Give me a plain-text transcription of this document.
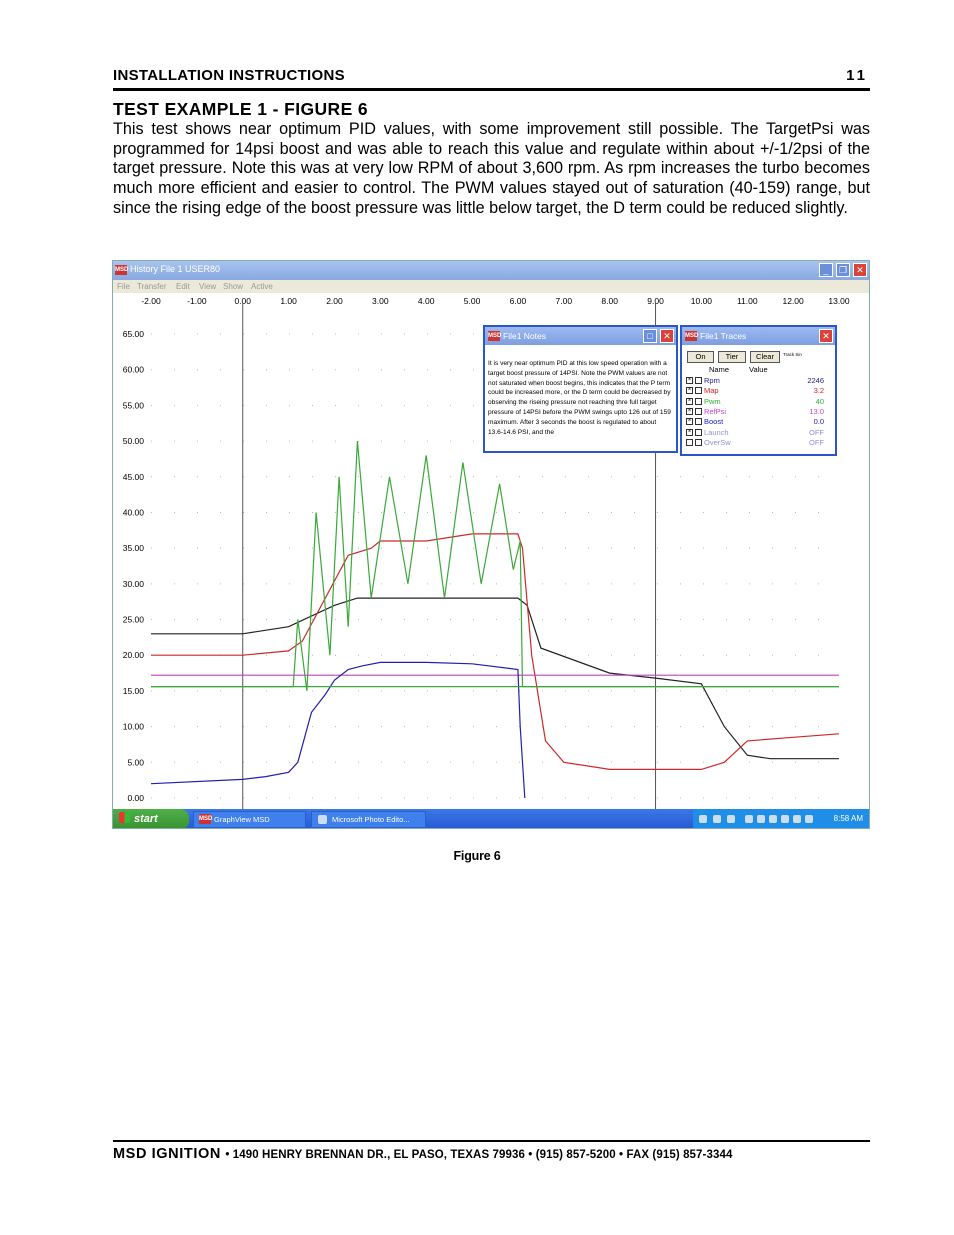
INSTALLATION INSTRUCTIONS	11
TEST EXAMPLE 1 - FIGURE 6
This test shows near optimum PID values, with some improvement still possible. The TargetPsi was programmed for 14psi boost and was able to reach this value and regulate within about +/-1/2psi of the target pressure. Note this was at very low RPM of about 3,600 rpm. As rpm increases the turbo becomes much more efficient and easier to control. The PWM values stayed out of saturation (40-159) range, but since the rising edge of the boost pressure was little below target, the D term could be reduced slightly.
MSD History File 1 USER80	_	❐	✕
File Transfer Edit View Show Active
-2.00	-1.00	0.00	1.00	2.00	3.00	4.00	5.00	6.00	7.00	8.00	9.00	10.00	11.00	12.00	13.00
65.00
60.00
55.00
50.00
45.00
40.00
35.00
30.00
25.00
20.00
15.00
10.00
5.00
0.00
MSD File1 Notes	□	✕
It is very near optimum PID at this low speed operation with a target boost pressure of 14PSI. Note the PWM values are not not saturated when boost begins, this indicates that the P term could be increased more, or the D term could be decreased by observing the riseing pressure not reaching thre full target pressure of 14PSI before the PWM swings upto 126 out of 159 maximum. After 3 seconds the boost is regulated to about 13.6-14.6 PSI, and the
MSD File1 Traces	✕
On	Tier	Clear	Track Sin
Name	Value
× Rpm	2246
× Map	3.2
× Pwm	40
× RefPsi	13.0
× Boost	0.0
× Launch	OFF
OverSw	OFF
start	MSD GraphView MSD	Microsoft Photo Edito...	8:58 AM
Figure 6
MSD IGNITION • 1490 HENRY BRENNAN DR., EL PASO, TEXAS 79936 • (915) 857-5200 • FAX (915) 857-3344
